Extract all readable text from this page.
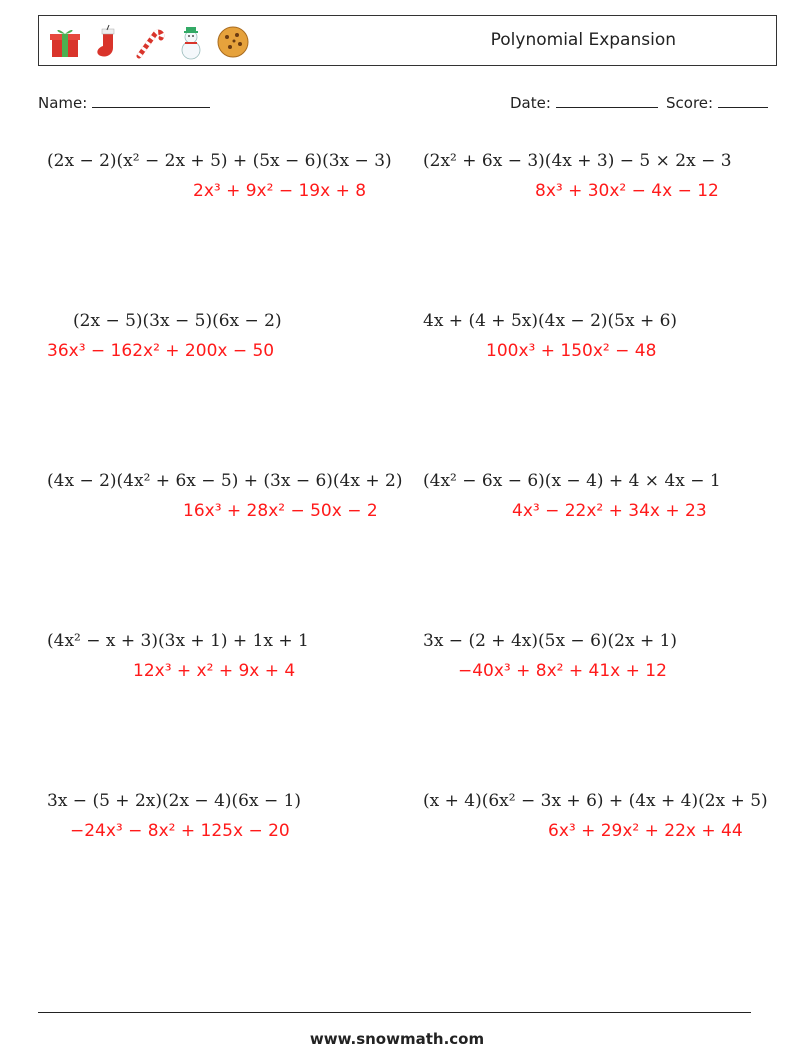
Polynomial Expansion
Name:	Date:	Score:
(2x − 2)(x² − 2x + 5) + (5x − 6)(3x − 3)
2x³ + 9x² − 19x + 8
(2x² + 6x − 3)(4x + 3) − 5 × 2x − 3
8x³ + 30x² − 4x − 12
(2x − 5)(3x − 5)(6x − 2)
36x³ − 162x² + 200x − 50
4x + (4 + 5x)(4x − 2)(5x + 6)
100x³ + 150x² − 48
(4x − 2)(4x² + 6x − 5) + (3x − 6)(4x + 2)
16x³ + 28x² − 50x − 2
(4x² − 6x − 6)(x − 4) + 4 × 4x − 1
4x³ − 22x² + 34x + 23
(4x² − x + 3)(3x + 1) + 1x + 1
12x³ + x² + 9x + 4
3x − (2 + 4x)(5x − 6)(2x + 1)
−40x³ + 8x² + 41x + 12
3x − (5 + 2x)(2x − 4)(6x − 1)
−24x³ − 8x² + 125x − 20
(x + 4)(6x² − 3x + 6) + (4x + 4)(2x + 5)
6x³ + 29x² + 22x + 44
www.snowmath.com
